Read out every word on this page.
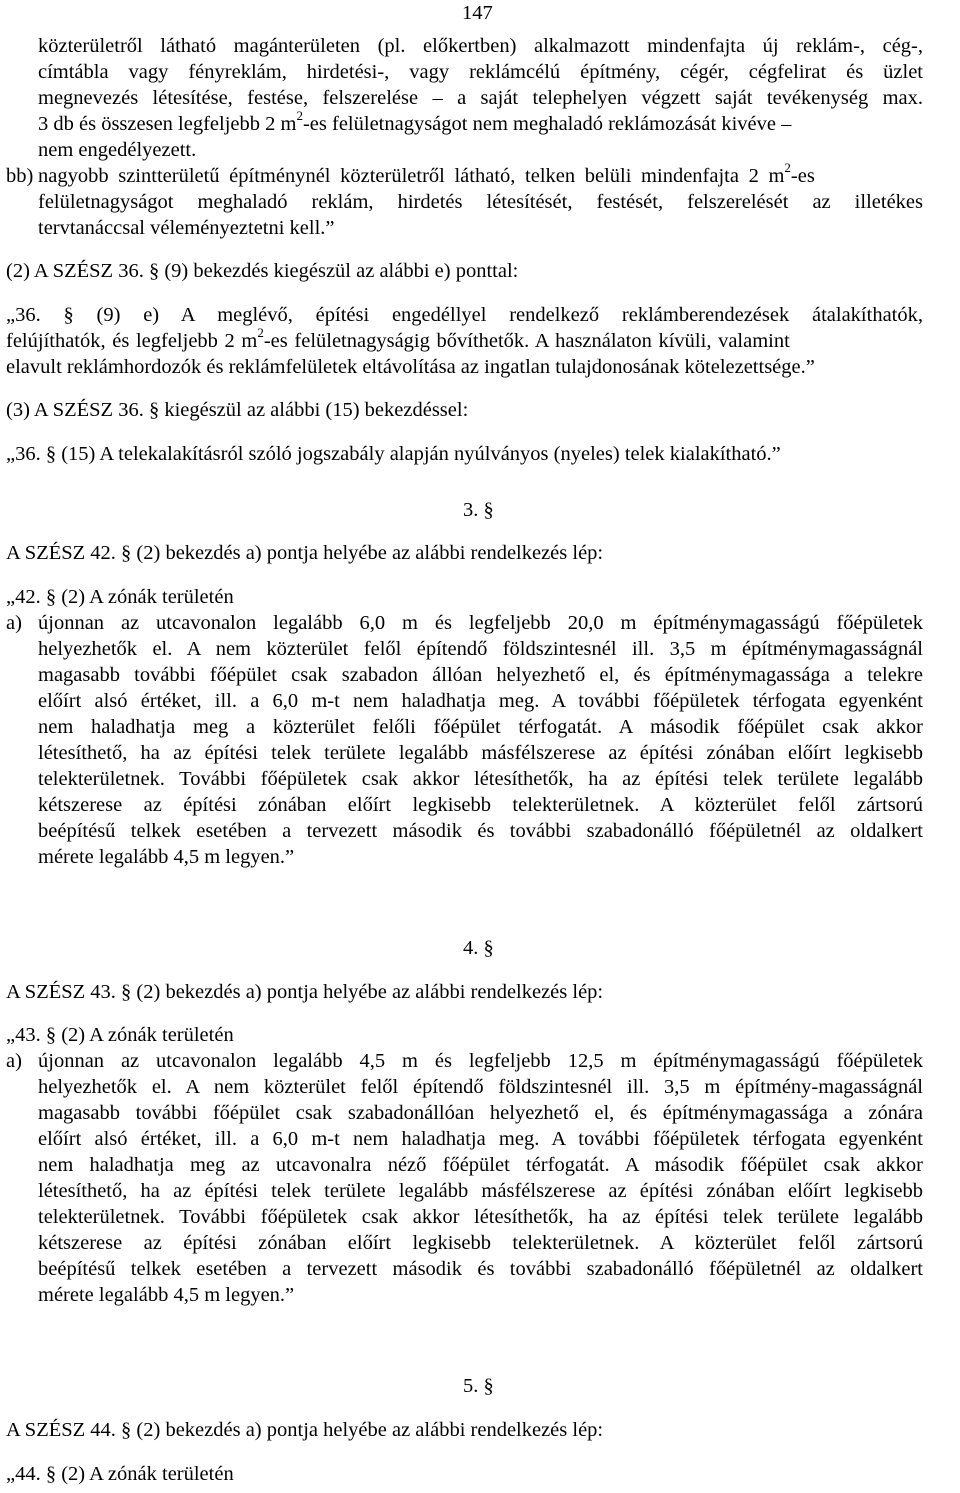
147
közterületről látható magánterületen (pl. előkertben) alkalmazott mindenfajta új reklám-, cég-,
címtábla vagy fényreklám, hirdetési-, vagy reklámcélú építmény, cégér, cégfelirat és üzlet
megnevezés létesítése, festése, felszerelése – a saját telephelyen végzett saját tevékenység max.
3 db és összesen legfeljebb 2 $m^2-es$ felületnagyságot nem meghaladó reklámozását kivéve –
nem engedélyezett.
bb) nagyobb szintterületű építménynél közterületről látható, telken belüli mindenfajta 2 $m^2-es$
felületnagyságot meghaladó reklám, hirdetés létesítését, festését, felszerelését az illetékes
tervtanáccsal véleményeztetni kell.”
(2) A SZÉSZ 36. § (9) bekezdés kiegészül az alábbi e) ponttal:
„36. § (9) e) A meglévő, építési engedéllyel rendelkező reklámberendezések átalakíthatók,
felújíthatók, és legfeljebb 2 $m^2-es$ felületnagyságig bővíthetők. A használaton kívüli, valamint
elavult reklámhordozók és reklámfelületek eltávolítása az ingatlan tulajdonosának kötelezettsége.”
(3) A SZÉSZ 36. § kiegészül az alábbi (15) bekezdéssel:
„36. § (15) A telekalakításról szóló jogszabály alapján nyúlványos (nyeles) telek kialakítható.”
3. §
A SZÉSZ 42. § (2) bekezdés a) pontja helyébe az alábbi rendelkezés lép:
„42. § (2) A zónák területén
a) újonnan az utcavonalon legalább 6,0 m és legfeljebb 20,0 m építménymagasságú főépületek
helyezhetők el. A nem közterület felől építendő földszintesnél ill. 3,5 m építménymagasságnál
magasabb további főépület csak szabadon állóan helyezhető el, és építménymagassága a telekre
előírt alsó értéket, ill. a 6,0 m-t nem haladhatja meg. A további főépületek térfogata egyenként
nem haladhatja meg a közterület felőli főépület térfogatát. A második főépület csak akkor
létesíthető, ha az építési telek területe legalább másfélszerese az építési zónában előírt legkisebb
telekterületnek. További főépületek csak akkor létesíthetők, ha az építési telek területe legalább
kétszerese az építési zónában előírt legkisebb telekterületnek. A közterület felől zártsorú
beépítésű telkek esetében a tervezett második és további szabadonálló főépületnél az oldalkert
mérete legalább 4,5 m legyen.”
4. §
A SZÉSZ 43. § (2) bekezdés a) pontja helyébe az alábbi rendelkezés lép:
„43. § (2) A zónák területén
a) újonnan az utcavonalon legalább 4,5 m és legfeljebb 12,5 m építménymagasságú főépületek
helyezhetők el. A nem közterület felől építendő földszintesnél ill. 3,5 m építmény-magasságnál
magasabb további főépület csak szabadonállóan helyezhető el, és építménymagassága a zónára
előírt alsó értéket, ill. a 6,0 m-t nem haladhatja meg. A további főépületek térfogata egyenként
nem haladhatja meg az utcavonalra néző főépület térfogatát. A második főépület csak akkor
létesíthető, ha az építési telek területe legalább másfélszerese az építési zónában előírt legkisebb
telekterületnek. További főépületek csak akkor létesíthetők, ha az építési telek területe legalább
kétszerese az építési zónában előírt legkisebb telekterületnek. A közterület felől zártsorú
beépítésű telkek esetében a tervezett második és további szabadonálló főépületnél az oldalkert
mérete legalább 4,5 m legyen.”
5. §
A SZÉSZ 44. § (2) bekezdés a) pontja helyébe az alábbi rendelkezés lép:
„44. § (2) A zónák területén
